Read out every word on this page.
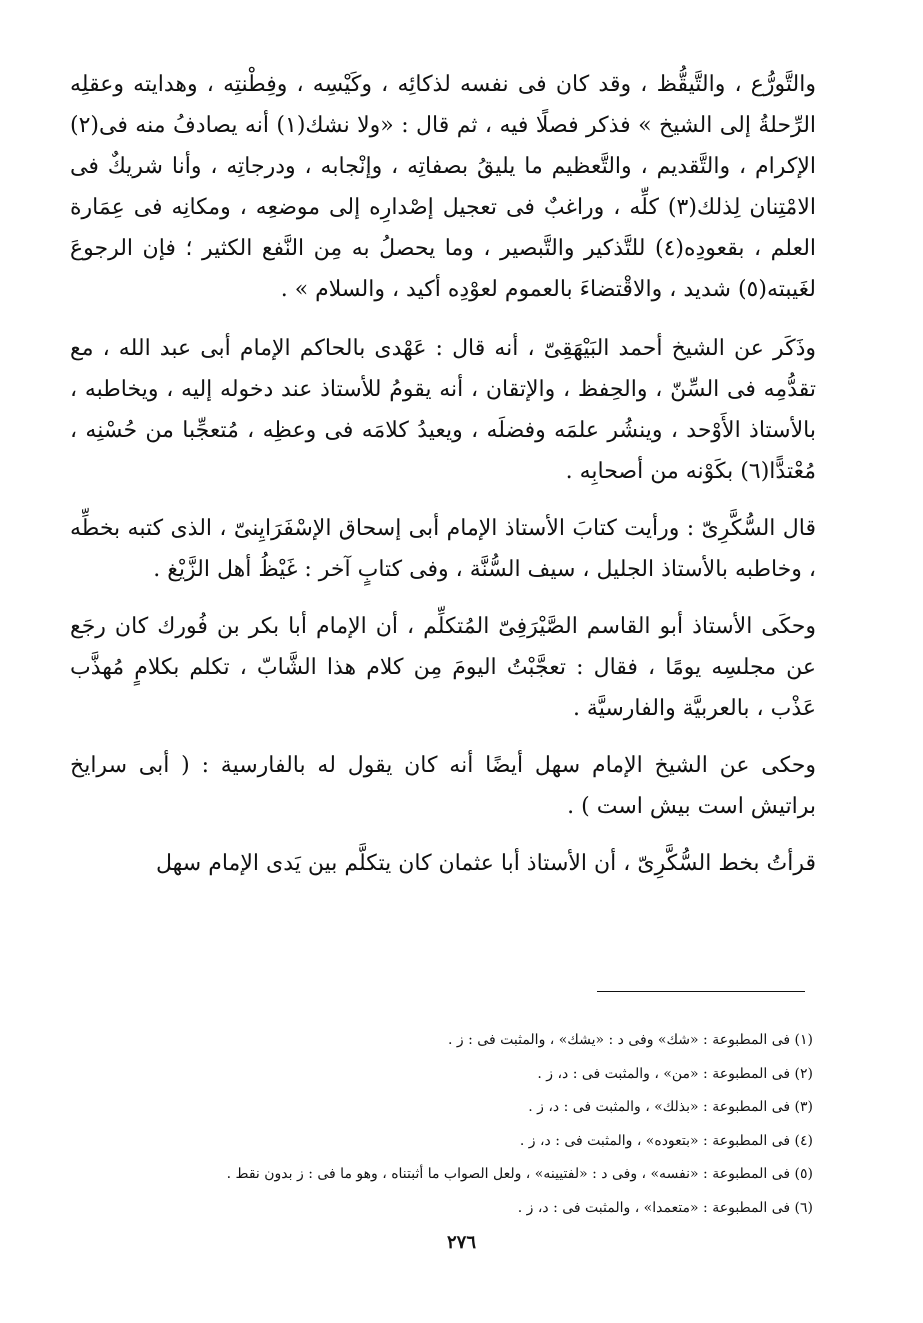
والتَّورُّع ، والتَّيقُّظ ، وقد كان فى نفسه لذكائِه ، وكَيْسِه ، وفِطْنتِه ، وهدايته وعقلِه الرِّحلةُ إلى الشيخ » فذكر فصلًا فيه ، ثم قال : «ولا نشك(١) أنه يصادفُ منه فى(٢) الإكرام ، والتَّقديم ، والتَّعظيم ما يليقُ بصفاتِه ، وإنْجابه ، ودرجاتِه ، وأنا شريكٌ فى الامْتِنان لِذلك(٣) كلِّه ، وراغبٌ فى تعجيل إصْدارِه إلى موضعِه ، ومكانِه فى عِمَارة العلم ، بقعودِه(٤) للتَّذكير والتَّبصير ، وما يحصلُ به مِن النَّفع الكثير ؛ فإن الرجوعَ لغَيبته(٥) شديد ، والاقْتضاءَ بالعموم لعوْدِه أكيد ، والسلام » .

وذَكَر عن الشيخ أحمد البَيْهَقِىّ ، أنه قال : عَهْدى بالحاكم الإمام أبى عبد الله ، مع تقدُّمِه فى السِّنّ ، والحِفظ ، والإتقان ، أنه يقومُ للأستاذ عند دخوله إليه ، ويخاطبه ، بالأستاذ الأَوْحد ، وينشُر علمَه وفضلَه ، ويعيدُ كلامَه فى وعظِه ، مُتعجِّبا من حُسْنِه ، مُعْتدًّا(٦) بكَوْنه من أصحابِه .

قال السُّكَّرِىّ : ورأيت كتابَ الأستاذ الإمام أبى إسحاق الإسْفَرَايِنىّ ، الذى كتبه بخطِّه ، وخاطبه بالأستاذ الجليل ، سيف السُّنَّة ، وفى كتابٍ آخر : غَيْظُ أهل الزَّيْغ .

وحكَى الأستاذ أبو القاسم الصَّيْرَفِىّ المُتكلِّم ، أن الإمام أبا بكر بن فُورك كان رجَع عن مجلسِه يومًا ، فقال : تعجَّبْتُ اليومَ مِن كلام هذا الشَّابّ ، تكلم بكلامٍ مُهذَّب عَذْب ، بالعربيَّة والفارسيَّة .

وحكى عن الشيخ الإمام سهل أيضًا أنه كان يقول له بالفارسية : ( أبى سرايخ براتيش است بيش است ) .

قرأتُ بخط السُّكَّرِىّ ، أن الأستاذ أبا عثمان كان يتكلَّم بين يَدى الإمام سهل

(١) فى المطبوعة : «شك» وفى د : «يشك» ، والمثبت فى : ز .

(٢) فى المطبوعة : «من» ، والمثبت فى : د، ز .

(٣) فى المطبوعة : «بذلك» ، والمثبت فى : د، ز .

(٤) فى المطبوعة : «بتعوده» ، والمثبت فى : د، ز .

(٥) فى المطبوعة : «نفسه» ، وفى د : «لفتيينه» ، ولعل الصواب ما أثبتناه ، وهو ما فى : ز بدون نقط .

(٦) فى المطبوعة : «متعمدا» ، والمثبت فى : د، ز .

٢٧٦
